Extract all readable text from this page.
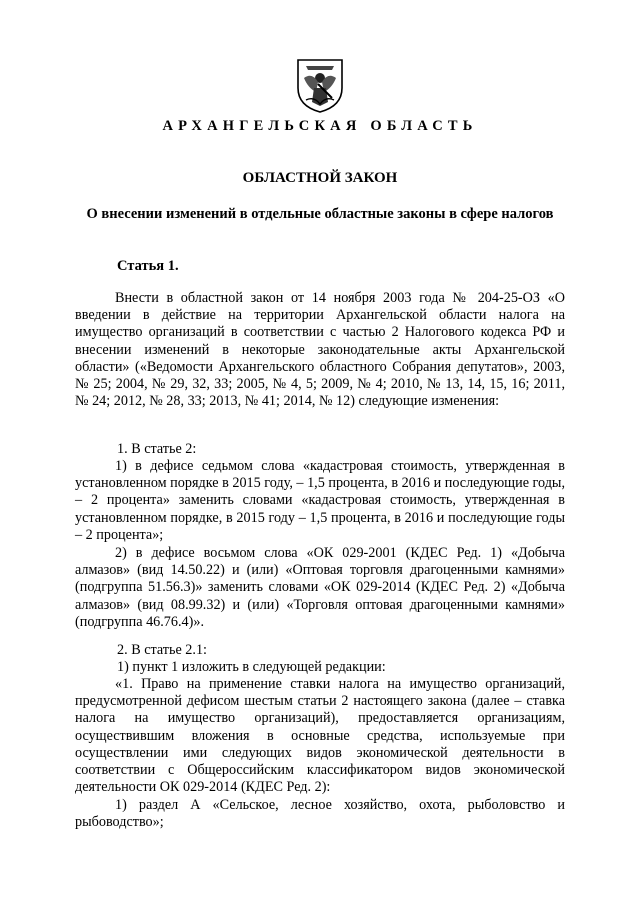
АРХАНГЕЛЬСКАЯ ОБЛАСТЬ
ОБЛАСТНОЙ ЗАКОН
О внесении изменений в отдельные областные законы в сфере налогов
Статья 1.
Внести в областной закон от 14 ноября 2003 года № 204-25-ОЗ «О введении в действие на территории Архангельской области налога на имущество организаций в соответствии с частью 2 Налогового кодекса РФ и внесении изменений в некоторые законодательные акты Архангельской области» («Ведомости Архангельского областного Собрания депутатов», 2003, № 25; 2004, № 29, 32, 33; 2005, № 4, 5; 2009, № 4; 2010, № 13, 14, 15, 16; 2011, № 24; 2012, № 28, 33; 2013, № 41; 2014, № 12) следующие изменения:
1. В статье 2:
1) в дефисе седьмом слова «кадастровая стоимость, утвержденная в установленном порядке в 2015 году, – 1,5 процента, в 2016 и последующие годы, – 2 процента» заменить словами «кадастровая стоимость, утвержденная в установленном порядке, в 2015 году – 1,5 процента, в 2016 и последующие годы – 2 процента»;
2) в дефисе восьмом слова «ОК 029-2001 (КДЕС Ред. 1) «Добыча алмазов» (вид 14.50.22) и (или) «Оптовая торговля драгоценными камнями» (подгруппа 51.56.3)» заменить словами «ОК 029-2014 (КДЕС Ред. 2) «Добыча алмазов» (вид 08.99.32) и (или) «Торговля оптовая драгоценными камнями» (подгруппа 46.76.4)».
2. В статье 2.1:
1) пункт 1 изложить в следующей редакции:
«1. Право на применение ставки налога на имущество организаций, предусмотренной дефисом шестым статьи 2 настоящего закона (далее – ставка налога на имущество организаций), предоставляется организациям, осуществившим вложения в основные средства, используемые при осуществлении ими следующих видов экономической деятельности в соответствии с Общероссийским классификатором видов экономической деятельности ОК 029-2014 (КДЕС Ред. 2):
1) раздел А «Сельское, лесное хозяйство, охота, рыболовство и рыбоводство»;
